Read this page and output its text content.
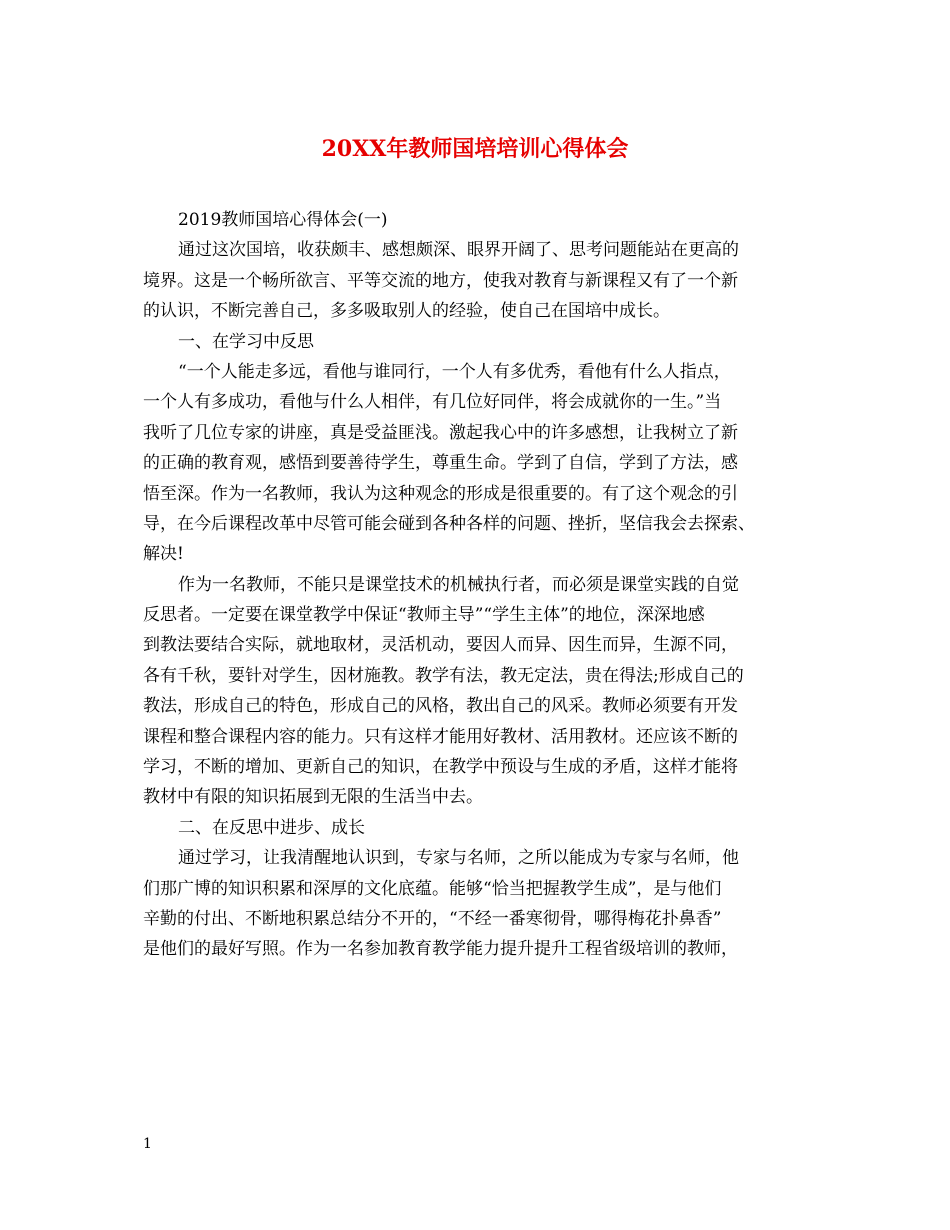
20XX年教师国培培训心得体会
2019教师国培心得体会(一)
通过这次国培，收获颇丰、感想颇深、眼界开阔了、思考问题能站在更高的
境界。这是一个畅所欲言、平等交流的地方，使我对教育与新课程又有了一个新
的认识，不断完善自己，多多吸取别人的经验，使自己在国培中成长。
一、在学习中反思
“一个人能走多远，看他与谁同行，一个人有多优秀，看他有什么人指点，
一个人有多成功，看他与什么人相伴，有几位好同伴，将会成就你的一生。”当
我听了几位专家的讲座，真是受益匪浅。激起我心中的许多感想，让我树立了新
的正确的教育观，感悟到要善待学生，尊重生命。学到了自信，学到了方法，感
悟至深。作为一名教师，我认为这种观念的形成是很重要的。有了这个观念的引
导，在今后课程改革中尽管可能会碰到各种各样的问题、挫折，坚信我会去探索、
解决!
作为一名教师，不能只是课堂技术的机械执行者，而必须是课堂实践的自觉
反思者。一定要在课堂教学中保证“教师主导”“学生主体”的地位，深深地感
到教法要结合实际，就地取材，灵活机动，要因人而异、因生而异，生源不同，
各有千秋，要针对学生，因材施教。教学有法，教无定法，贵在得法;形成自己的
教法，形成自己的特色，形成自己的风格，教出自己的风采。教师必须要有开发
课程和整合课程内容的能力。只有这样才能用好教材、活用教材。还应该不断的
学习，不断的增加、更新自己的知识，在教学中预设与生成的矛盾，这样才能将
教材中有限的知识拓展到无限的生活当中去。
二、在反思中进步、成长
通过学习，让我清醒地认识到，专家与名师，之所以能成为专家与名师，他
们那广博的知识积累和深厚的文化底蕴。能够“恰当把握教学生成”，是与他们
辛勤的付出、不断地积累总结分不开的，“不经一番寒彻骨，哪得梅花扑鼻香”
是他们的最好写照。作为一名参加教育教学能力提升提升工程省级培训的教师，
1
